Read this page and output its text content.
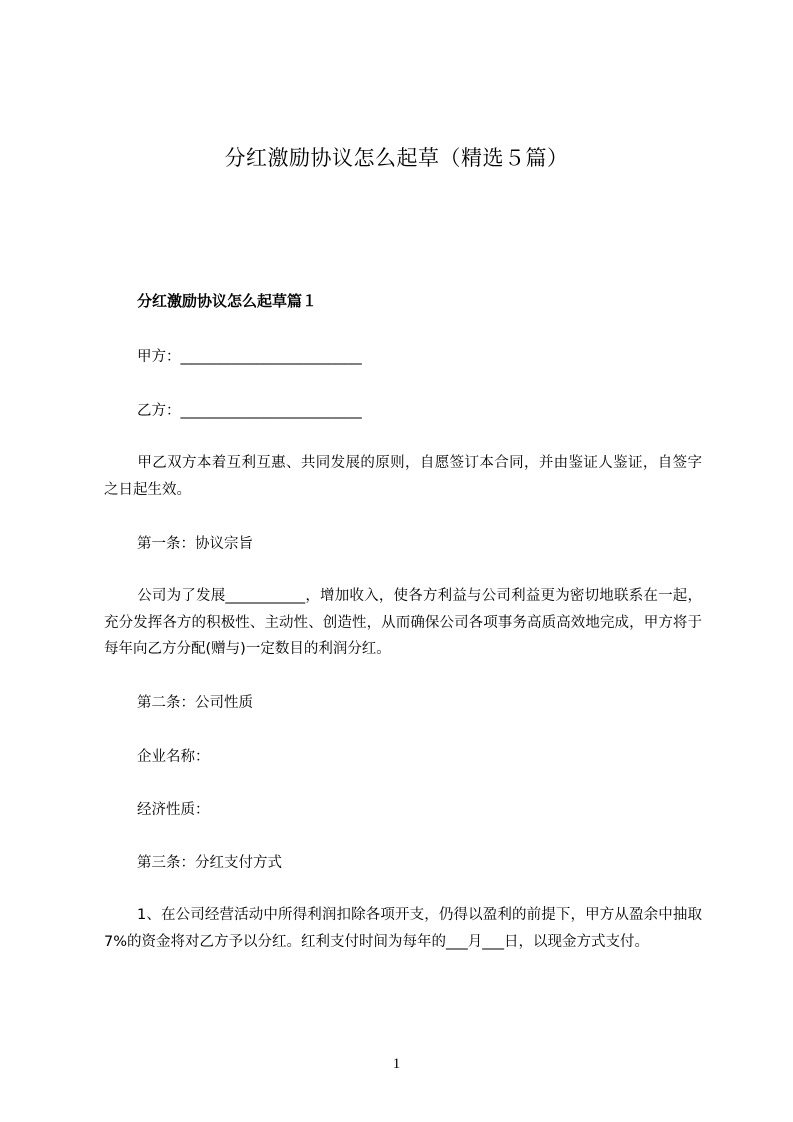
分红激励协议怎么起草（精选５篇）
分红激励协议怎么起草篇１
甲方：_________________________
乙方：_________________________
甲乙双方本着互利互惠、共同发展的原则，自愿签订本合同，并由鉴证人鉴证，自签字之日起生效。
第一条：协议宗旨
公司为了发展___________，增加收入，使各方利益与公司利益更为密切地联系在一起，充分发挥各方的积极性、主动性、创造性，从而确保公司各项事务高质高效地完成，甲方将于每年向乙方分配(赠与)一定数目的利润分红。
第二条：公司性质
企业名称：
经济性质：
第三条：分红支付方式
1、在公司经营活动中所得利润扣除各项开支，仍得以盈利的前提下，甲方从盈余中抽取 7%的资金将对乙方予以分红。红利支付时间为每年的___月___日，以现金方式支付。
1
